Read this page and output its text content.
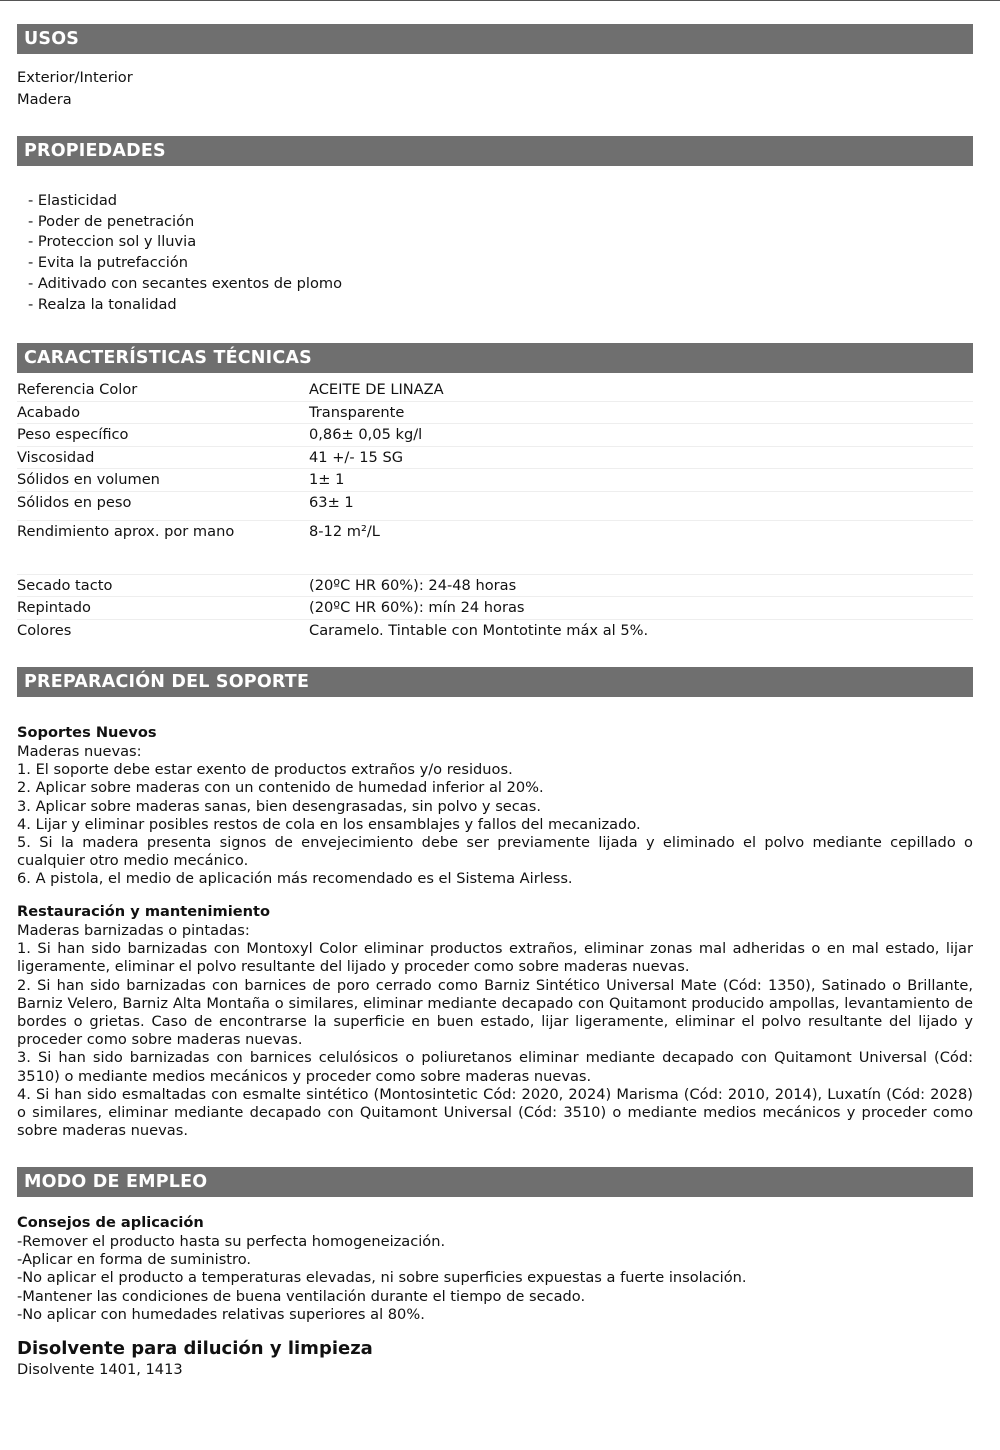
USOS
Exterior/Interior
Madera
PROPIEDADES
- Elasticidad
- Poder de penetración
- Proteccion sol y lluvia
- Evita la putrefacción
- Aditivado con secantes exentos de plomo
- Realza la tonalidad
CARACTERÍSTICAS TÉCNICAS
Referencia Color	ACEITE DE LINAZA
Acabado	Transparente
Peso específico	0,86± 0,05 kg/l
Viscosidad	41 +/- 15 SG
Sólidos en volumen	1± 1
Sólidos en peso	63± 1
Rendimiento aprox. por mano	8-12 m²/L
Secado tacto	(20ºC HR 60%): 24-48 horas
Repintado	(20ºC HR 60%): mín 24 horas
Colores	Caramelo. Tintable con Montotinte máx al 5%.
PREPARACIÓN DEL SOPORTE
Soportes Nuevos
Maderas nuevas:
1. El soporte debe estar exento de productos extraños y/o residuos.
2. Aplicar sobre maderas con un contenido de humedad inferior al 20%.
3. Aplicar sobre maderas sanas, bien desengrasadas, sin polvo y secas.
4. Lijar y eliminar posibles restos de cola en los ensamblajes y fallos del mecanizado.
5. Si la madera presenta signos de envejecimiento debe ser previamente lijada y eliminado el polvo mediante cepillado o cualquier otro medio mecánico.
6. A pistola, el medio de aplicación más recomendado es el Sistema Airless.
Restauración y mantenimiento
Maderas barnizadas o pintadas:
1. Si han sido barnizadas con Montoxyl Color eliminar productos extraños, eliminar zonas mal adheridas o en mal estado, lijar ligeramente, eliminar el polvo resultante del lijado y proceder como sobre maderas nuevas.
2. Si han sido barnizadas con barnices de poro cerrado como Barniz Sintético Universal Mate (Cód: 1350), Satinado o Brillante, Barniz Velero, Barniz Alta Montaña o similares, eliminar mediante decapado con Quitamont producido ampollas, levantamiento de bordes o grietas. Caso de encontrarse la superficie en buen estado, lijar ligeramente, eliminar el polvo resultante del lijado y proceder como sobre maderas nuevas.
3. Si han sido barnizadas con barnices celulósicos o poliuretanos eliminar mediante decapado con Quitamont Universal (Cód: 3510) o mediante medios mecánicos y proceder como sobre maderas nuevas.
4. Si han sido esmaltadas con esmalte sintético (Montosintetic Cód: 2020, 2024) Marisma (Cód: 2010, 2014), Luxatín (Cód: 2028) o similares, eliminar mediante decapado con Quitamont Universal (Cód: 3510) o mediante medios mecánicos y proceder como sobre maderas nuevas.
MODO DE EMPLEO
Consejos de aplicación
-Remover el producto hasta su perfecta homogeneización.
-Aplicar en forma de suministro.
-No aplicar el producto a temperaturas elevadas, ni sobre superficies expuestas a fuerte insolación.
-Mantener las condiciones de buena ventilación durante el tiempo de secado.
-No aplicar con humedades relativas superiores al 80%.
Disolvente para dilución y limpieza
Disolvente 1401, 1413
